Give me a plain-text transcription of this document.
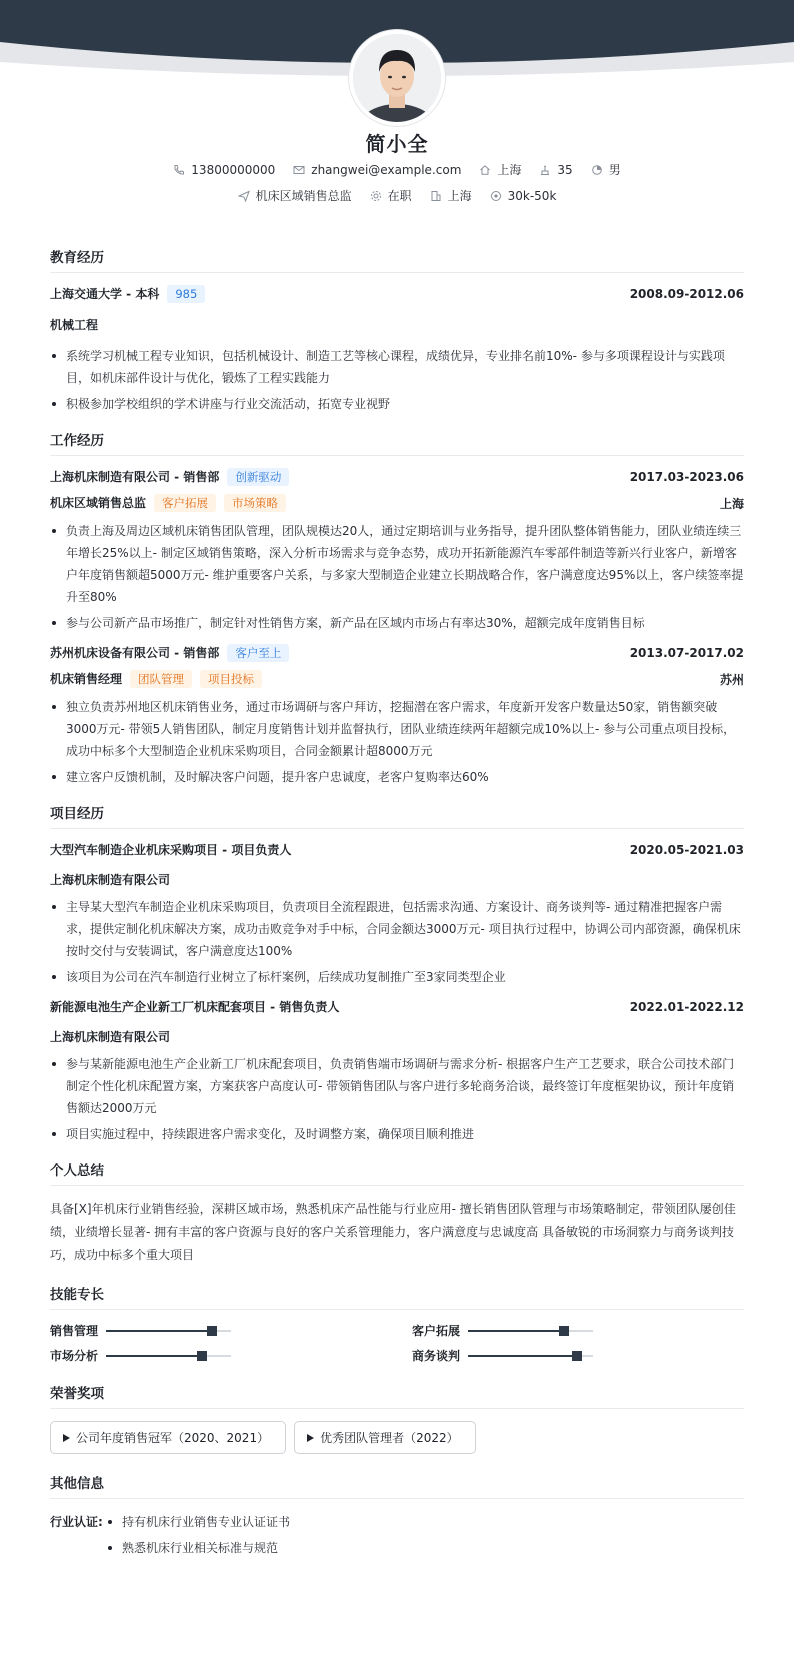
简小全
13800000000	zhangwei@example.com	上海	35	男
机床区域销售总监	在职	上海	30k-50k
教育经历
上海交通大学 - 本科 985	2008.09-2012.06
机械工程
系统学习机械工程专业知识，包括机械设计、制造工艺等核心课程，成绩优异，专业排名前10%- 参与多项课程设计与实践项目，如机床部件设计与优化，锻炼了工程实践能力
积极参加学校组织的学术讲座与行业交流活动，拓宽专业视野
工作经历
上海机床制造有限公司 - 销售部 创新驱动	2017.03-2023.06
机床区域销售总监 客户拓展 市场策略	上海
负责上海及周边区域机床销售团队管理，团队规模达20人，通过定期培训与业务指导，提升团队整体销售能力，团队业绩连续三年增长25%以上- 制定区域销售策略，深入分析市场需求与竞争态势，成功开拓新能源汽车零部件制造等新兴行业客户，新增客户年度销售额超5000万元- 维护重要客户关系，与多家大型制造企业建立长期战略合作，客户满意度达95%以上，客户续签率提升至80%
参与公司新产品市场推广，制定针对性销售方案，新产品在区域内市场占有率达30%，超额完成年度销售目标
苏州机床设备有限公司 - 销售部 客户至上	2013.07-2017.02
机床销售经理 团队管理 项目投标	苏州
独立负责苏州地区机床销售业务，通过市场调研与客户拜访，挖掘潜在客户需求，年度新开发客户数量达50家，销售额突破3000万元- 带领5人销售团队，制定月度销售计划并监督执行，团队业绩连续两年超额完成10%以上- 参与公司重点项目投标，成功中标多个大型制造企业机床采购项目，合同金额累计超8000万元
建立客户反馈机制，及时解决客户问题，提升客户忠诚度，老客户复购率达60%
项目经历
大型汽车制造企业机床采购项目 - 项目负责人	2020.05-2021.03
上海机床制造有限公司
主导某大型汽车制造企业机床采购项目，负责项目全流程跟进，包括需求沟通、方案设计、商务谈判等- 通过精准把握客户需求，提供定制化机床解决方案，成功击败竞争对手中标，合同金额达3000万元- 项目执行过程中，协调公司内部资源，确保机床按时交付与安装调试，客户满意度达100%
该项目为公司在汽车制造行业树立了标杆案例，后续成功复制推广至3家同类型企业
新能源电池生产企业新工厂机床配套项目 - 销售负责人	2022.01-2022.12
上海机床制造有限公司
参与某新能源电池生产企业新工厂机床配套项目，负责销售端市场调研与需求分析- 根据客户生产工艺要求，联合公司技术部门制定个性化机床配置方案，方案获客户高度认可- 带领销售团队与客户进行多轮商务洽谈，最终签订年度框架协议，预计年度销售额达2000万元
项目实施过程中，持续跟进客户需求变化，及时调整方案，确保项目顺利推进
个人总结
具备[X]年机床行业销售经验，深耕区域市场，熟悉机床产品性能与行业应用- 擅长销售团队管理与市场策略制定，带领团队屡创佳绩，业绩增长显著- 拥有丰富的客户资源与良好的客户关系管理能力，客户满意度与忠诚度高 具备敏锐的市场洞察力与商务谈判技巧，成功中标多个重大项目
技能专长
销售管理	客户拓展
市场分析	商务谈判
荣誉奖项
公司年度销售冠军（2020、2021）	优秀团队管理者（2022）
其他信息
行业认证:	持有机床行业销售专业认证证书
熟悉机床行业相关标准与规范
